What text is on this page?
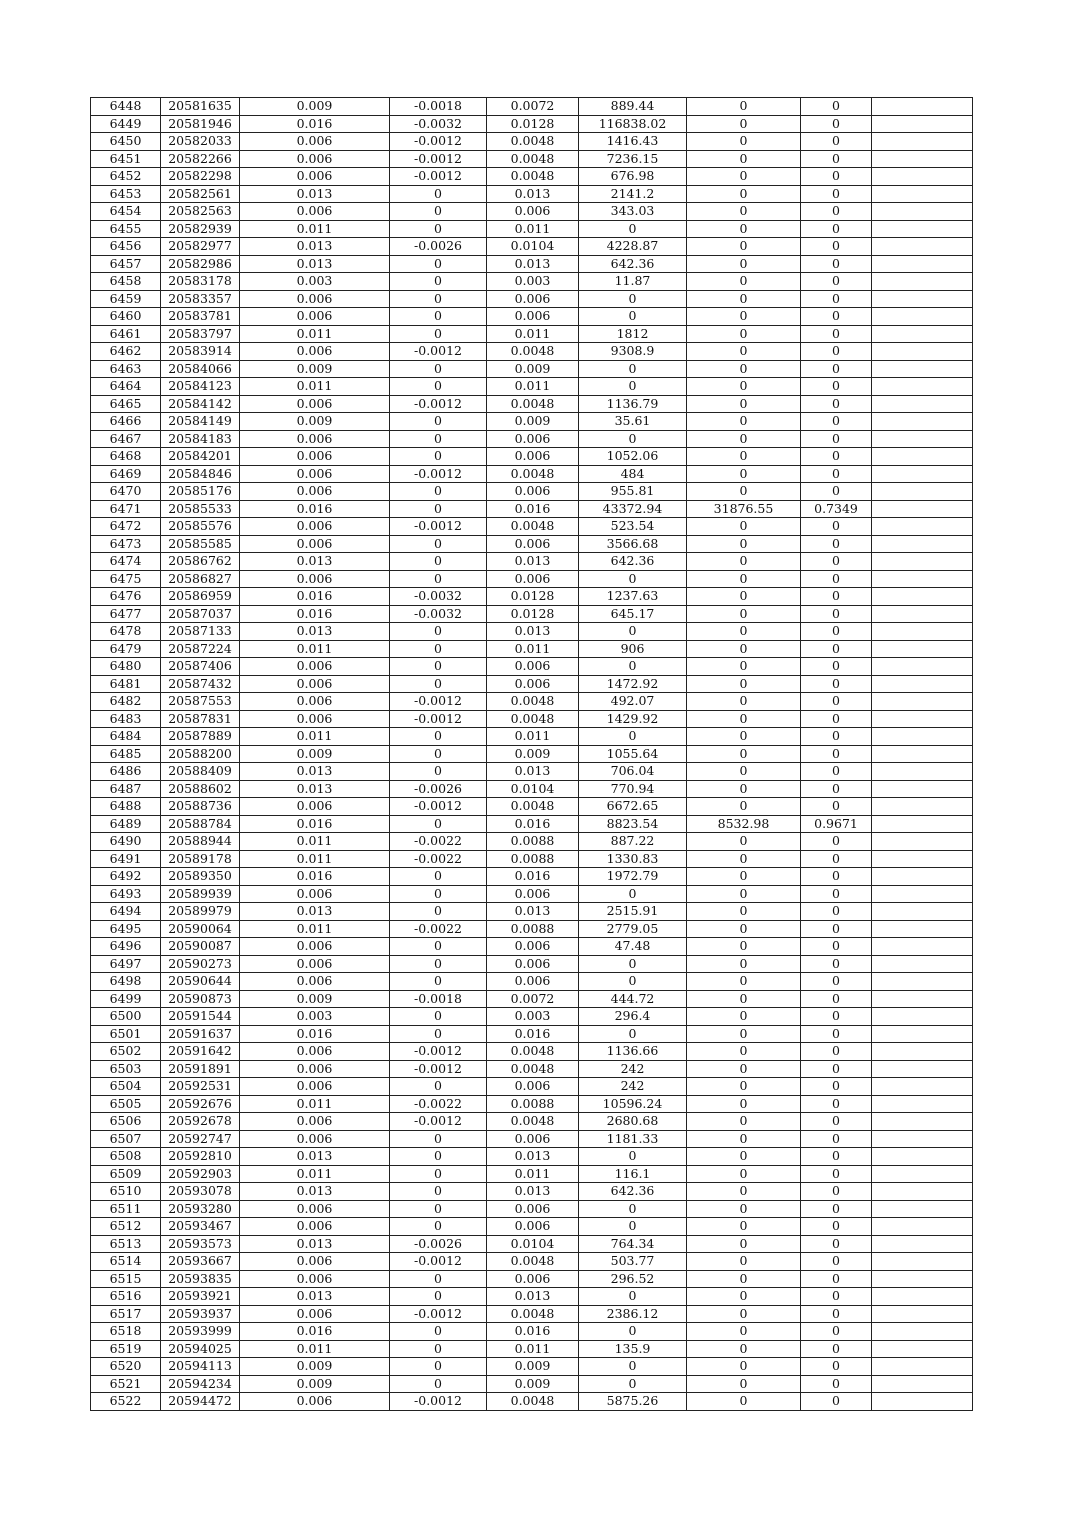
6448	20581635	0.009	-0.0018	0.0072	889.44	0	0	
6449	20581946	0.016	-0.0032	0.0128	116838.02	0	0	
6450	20582033	0.006	-0.0012	0.0048	1416.43	0	0	
6451	20582266	0.006	-0.0012	0.0048	7236.15	0	0	
6452	20582298	0.006	-0.0012	0.0048	676.98	0	0	
6453	20582561	0.013	0	0.013	2141.2	0	0	
6454	20582563	0.006	0	0.006	343.03	0	0	
6455	20582939	0.011	0	0.011	0	0	0	
6456	20582977	0.013	-0.0026	0.0104	4228.87	0	0	
6457	20582986	0.013	0	0.013	642.36	0	0	
6458	20583178	0.003	0	0.003	11.87	0	0	
6459	20583357	0.006	0	0.006	0	0	0	
6460	20583781	0.006	0	0.006	0	0	0	
6461	20583797	0.011	0	0.011	1812	0	0	
6462	20583914	0.006	-0.0012	0.0048	9308.9	0	0	
6463	20584066	0.009	0	0.009	0	0	0	
6464	20584123	0.011	0	0.011	0	0	0	
6465	20584142	0.006	-0.0012	0.0048	1136.79	0	0	
6466	20584149	0.009	0	0.009	35.61	0	0	
6467	20584183	0.006	0	0.006	0	0	0	
6468	20584201	0.006	0	0.006	1052.06	0	0	
6469	20584846	0.006	-0.0012	0.0048	484	0	0	
6470	20585176	0.006	0	0.006	955.81	0	0	
6471	20585533	0.016	0	0.016	43372.94	31876.55	0.7349	
6472	20585576	0.006	-0.0012	0.0048	523.54	0	0	
6473	20585585	0.006	0	0.006	3566.68	0	0	
6474	20586762	0.013	0	0.013	642.36	0	0	
6475	20586827	0.006	0	0.006	0	0	0	
6476	20586959	0.016	-0.0032	0.0128	1237.63	0	0	
6477	20587037	0.016	-0.0032	0.0128	645.17	0	0	
6478	20587133	0.013	0	0.013	0	0	0	
6479	20587224	0.011	0	0.011	906	0	0	
6480	20587406	0.006	0	0.006	0	0	0	
6481	20587432	0.006	0	0.006	1472.92	0	0	
6482	20587553	0.006	-0.0012	0.0048	492.07	0	0	
6483	20587831	0.006	-0.0012	0.0048	1429.92	0	0	
6484	20587889	0.011	0	0.011	0	0	0	
6485	20588200	0.009	0	0.009	1055.64	0	0	
6486	20588409	0.013	0	0.013	706.04	0	0	
6487	20588602	0.013	-0.0026	0.0104	770.94	0	0	
6488	20588736	0.006	-0.0012	0.0048	6672.65	0	0	
6489	20588784	0.016	0	0.016	8823.54	8532.98	0.9671	
6490	20588944	0.011	-0.0022	0.0088	887.22	0	0	
6491	20589178	0.011	-0.0022	0.0088	1330.83	0	0	
6492	20589350	0.016	0	0.016	1972.79	0	0	
6493	20589939	0.006	0	0.006	0	0	0	
6494	20589979	0.013	0	0.013	2515.91	0	0	
6495	20590064	0.011	-0.0022	0.0088	2779.05	0	0	
6496	20590087	0.006	0	0.006	47.48	0	0	
6497	20590273	0.006	0	0.006	0	0	0	
6498	20590644	0.006	0	0.006	0	0	0	
6499	20590873	0.009	-0.0018	0.0072	444.72	0	0	
6500	20591544	0.003	0	0.003	296.4	0	0	
6501	20591637	0.016	0	0.016	0	0	0	
6502	20591642	0.006	-0.0012	0.0048	1136.66	0	0	
6503	20591891	0.006	-0.0012	0.0048	242	0	0	
6504	20592531	0.006	0	0.006	242	0	0	
6505	20592676	0.011	-0.0022	0.0088	10596.24	0	0	
6506	20592678	0.006	-0.0012	0.0048	2680.68	0	0	
6507	20592747	0.006	0	0.006	1181.33	0	0	
6508	20592810	0.013	0	0.013	0	0	0	
6509	20592903	0.011	0	0.011	116.1	0	0	
6510	20593078	0.013	0	0.013	642.36	0	0	
6511	20593280	0.006	0	0.006	0	0	0	
6512	20593467	0.006	0	0.006	0	0	0	
6513	20593573	0.013	-0.0026	0.0104	764.34	0	0	
6514	20593667	0.006	-0.0012	0.0048	503.77	0	0	
6515	20593835	0.006	0	0.006	296.52	0	0	
6516	20593921	0.013	0	0.013	0	0	0	
6517	20593937	0.006	-0.0012	0.0048	2386.12	0	0	
6518	20593999	0.016	0	0.016	0	0	0	
6519	20594025	0.011	0	0.011	135.9	0	0	
6520	20594113	0.009	0	0.009	0	0	0	
6521	20594234	0.009	0	0.009	0	0	0	
6522	20594472	0.006	-0.0012	0.0048	5875.26	0	0	
